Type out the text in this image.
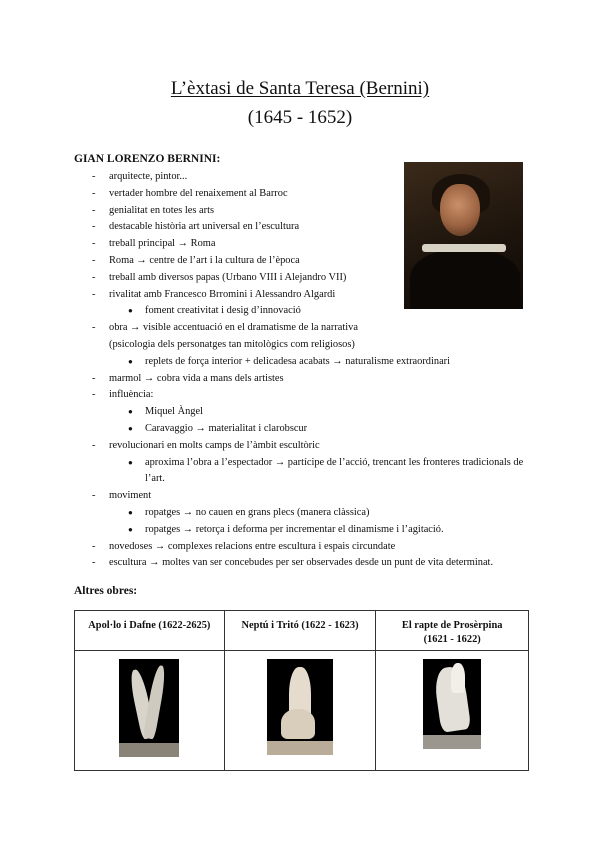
L’èxtasi de Santa Teresa (Bernini)
(1645 - 1652)
GIAN LORENZO BERNINI:
- arquitecte, pintor...
- vertader hombre del renaixement al Barroc
- genialitat en totes les arts
- destacable història art universal en l’escultura
- treball principal → Roma
- Roma → centre de l’art i la cultura de l’època
- treball amb diversos papas (Urbano VIII i Alejandro VII)
- rivalitat amb Francesco Brromini i Alessandro Algardi
● foment creativitat i desig d’innovació
- obra → visible accentuació en el dramatisme de la narrativa
(psicologia dels personatges tan mitològics com religiosos)
● replets de força interior + delicadesa acabats → naturalisme extraordinari
- marmol → cobra vida a mans dels artistes
- influència:
● Miquel Àngel
● Caravaggio → materialitat i clarobscur
- revolucionari en molts camps de l’àmbit escultòric
● aproxima l’obra a l’espectador → partícipe de l’acció, trencant les fronteres tradicionals de l’art.
- moviment
● ropatges → no cauen en grans plecs (manera clàssica)
● ropatges → retorça i deforma per incrementar el dinamisme i l’agitació.
- novedoses → complexes relacions entre escultura i espais circundate
- escultura → moltes van ser concebudes per ser observades desde un punt de vita determinat.
Altres obres:
Apol·lo i Dafne (1622-2625)	Neptú i Tritó (1622 - 1623)	El rapte de Prosèrpina
(1621 - 1622)
